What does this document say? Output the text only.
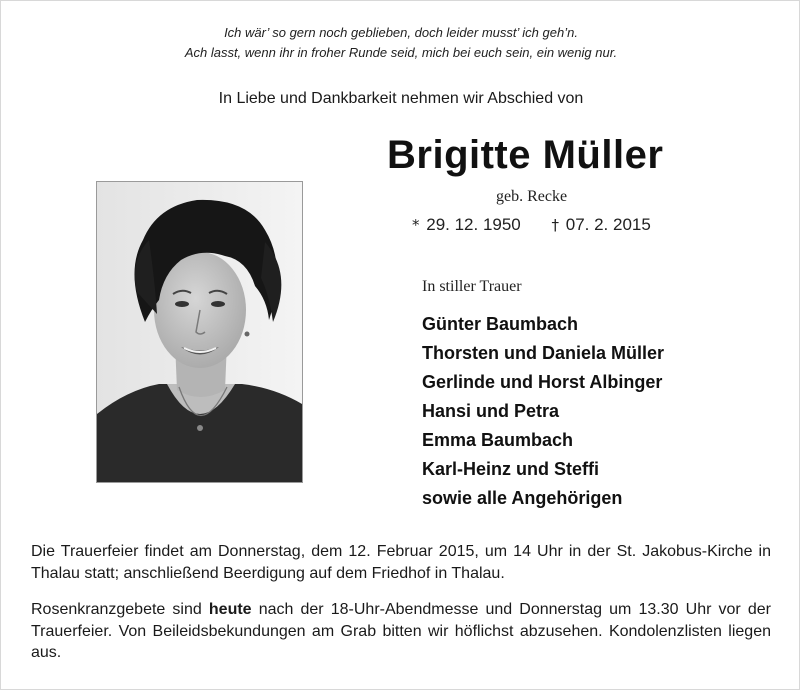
Ich wär’ so gern noch geblieben, doch leider musst’ ich geh’n.
Ach lasst, wenn ihr in froher Runde seid, mich bei euch sein, ein wenig nur.
In Liebe und Dankbarkeit nehmen wir Abschied von
Brigitte Müller
geb. Recke
* 29. 12. 1950 † 07. 2. 2015
In stiller Trauer
Günter Baumbach
Thorsten und Daniela Müller
Gerlinde und Horst Albinger
Hansi und Petra
Emma Baumbach
Karl-Heinz und Steffi
sowie alle Angehörigen

Die Trauerfeier findet am Donnerstag, dem 12. Februar 2015, um 14 Uhr in der St. Jakobus-Kirche in Thalau statt; anschließend Beerdigung auf dem Friedhof in Thalau.

Rosenkranzgebete sind heute nach der 18-Uhr-Abendmesse und Donnerstag um 13.30 Uhr vor der Trauerfeier. Von Beileidsbekundungen am Grab bitten wir höflichst abzusehen. Kondolenzlisten liegen aus.
